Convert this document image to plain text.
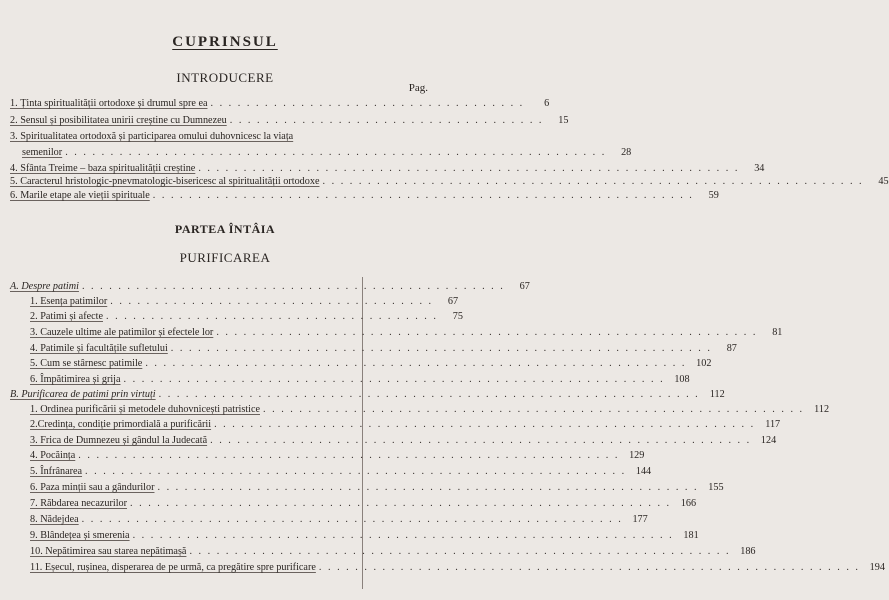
CUPRINSUL
INTRODUCERE
Pag.
1. Ținta spiritualității ortodoxe și drumul spre ea . . . . . . . . . . . . . . . . . . . . . . . . . . . . . . . . . . .	6
2. Sensul și posibilitatea unirii creștine cu Dumnezeu . . . . . . . . . . . . . . . . . . . . . . . . . . . . . . . . . . .	15
3. Spiritualitatea ortodoxă și participarea omului duhovnicesc la viața
semenilor . . . . . . . . . . . . . . . . . . . . . . . . . . . . . . . . . . . . . . . . . . . . . . . . . . . . . . . . . . . .	28
4. Sfânta Treime – baza spiritualității creștine . . . . . . . . . . . . . . . . . . . . . . . . . . . . . . . . . . . . . . . . . . . . . . . . . . . . . . . . . . . .	34
5. Caracterul hristologic-pnevmatologic-bisericesc al spiritualității ortodoxe . . . . . . . . . . . . . . . . . . . . . . . . . . . . . . . . . . . . . . . . . . . . . . . . . . . . . . . . . . . .	45
6. Marile etape ale vieții spirituale . . . . . . . . . . . . . . . . . . . . . . . . . . . . . . . . . . . . . . . . . . . . . . . . . . . . . . . . . . . .	59
PARTEA ÎNTÂIA
PURIFICAREA
A. Despre patimi . . . . . . . . . . . . . . . . . . . . . . . . . . . . . . . . . . . . . . . . . . . . . . .	67
1. Esența patimilor . . . . . . . . . . . . . . . . . . . . . . . . . . . . . . . . . . . .	67
2. Patimi și afecte . . . . . . . . . . . . . . . . . . . . . . . . . . . . . . . . . . . . .	75
3. Cauzele ultime ale patimilor și efectele lor . . . . . . . . . . . . . . . . . . . . . . . . . . . . . . . . . . . . . . . . . . . . . . . . . . . . . . . . . . . .	81
4. Patimile și facultățile sufletului . . . . . . . . . . . . . . . . . . . . . . . . . . . . . . . . . . . . . . . . . . . . . . . . . . . . . . . . . . . .	87
5. Cum se stârnesc patimile . . . . . . . . . . . . . . . . . . . . . . . . . . . . . . . . . . . . . . . . . . . . . . . . . . . . . . . . . . . . 102
6. Împătimirea și grija . . . . . . . . . . . . . . . . . . . . . . . . . . . . . . . . . . . . . . . . . . . . . . . . . . . . . . . . . . . . 108
B. Purificarea de patimi prin virtuți . . . . . . . . . . . . . . . . . . . . . . . . . . . . . . . . . . . . . . . . . . . . . . . . . . . . . . . . . . . . 112
1. Ordinea purificării și metodele duhovnicești patristice . . . . . . . . . . . . . . . . . . . . . . . . . . . . . . . . . . . . . . . . . . . . . . . . . . . . . . . . . . . . 112
2.Credința, condiție primordială a purificării . . . . . . . . . . . . . . . . . . . . . . . . . . . . . . . . . . . . . . . . . . . . . . . . . . . . . . . . . . . . 117
3. Frica de Dumnezeu și gândul la Judecată . . . . . . . . . . . . . . . . . . . . . . . . . . . . . . . . . . . . . . . . . . . . . . . . . . . . . . . . . . . . 124
4. Pocăința . . . . . . . . . . . . . . . . . . . . . . . . . . . . . . . . . . . . . . . . . . . . . . . . . . . . . . . . . . . . 129
5. Înfrânarea . . . . . . . . . . . . . . . . . . . . . . . . . . . . . . . . . . . . . . . . . . . . . . . . . . . . . . . . . . . . 144
6. Paza minții sau a gândurilor . . . . . . . . . . . . . . . . . . . . . . . . . . . . . . . . . . . . . . . . . . . . . . . . . . . . . . . . . . . . 155
7. Răbdarea necazurilor . . . . . . . . . . . . . . . . . . . . . . . . . . . . . . . . . . . . . . . . . . . . . . . . . . . . . . . . . . . . 166
8. Nădejdea . . . . . . . . . . . . . . . . . . . . . . . . . . . . . . . . . . . . . . . . . . . . . . . . . . . . . . . . . . . . 177
9. Blândețea și smerenia . . . . . . . . . . . . . . . . . . . . . . . . . . . . . . . . . . . . . . . . . . . . . . . . . . . . . . . . . . . . 181
10. Nepătimirea sau starea nepătimașă . . . . . . . . . . . . . . . . . . . . . . . . . . . . . . . . . . . . . . . . . . . . . . . . . . . . . . . . . . . . 186
11. Eșecul, rușinea, disperarea de pe urmă, ca pregătire spre purificare . . . . . . . . . . . . . . . . . . . . . . . . . . . . . . . . . . . . . . . . . . . . . . . . . . . . . . . . . . . . 194
